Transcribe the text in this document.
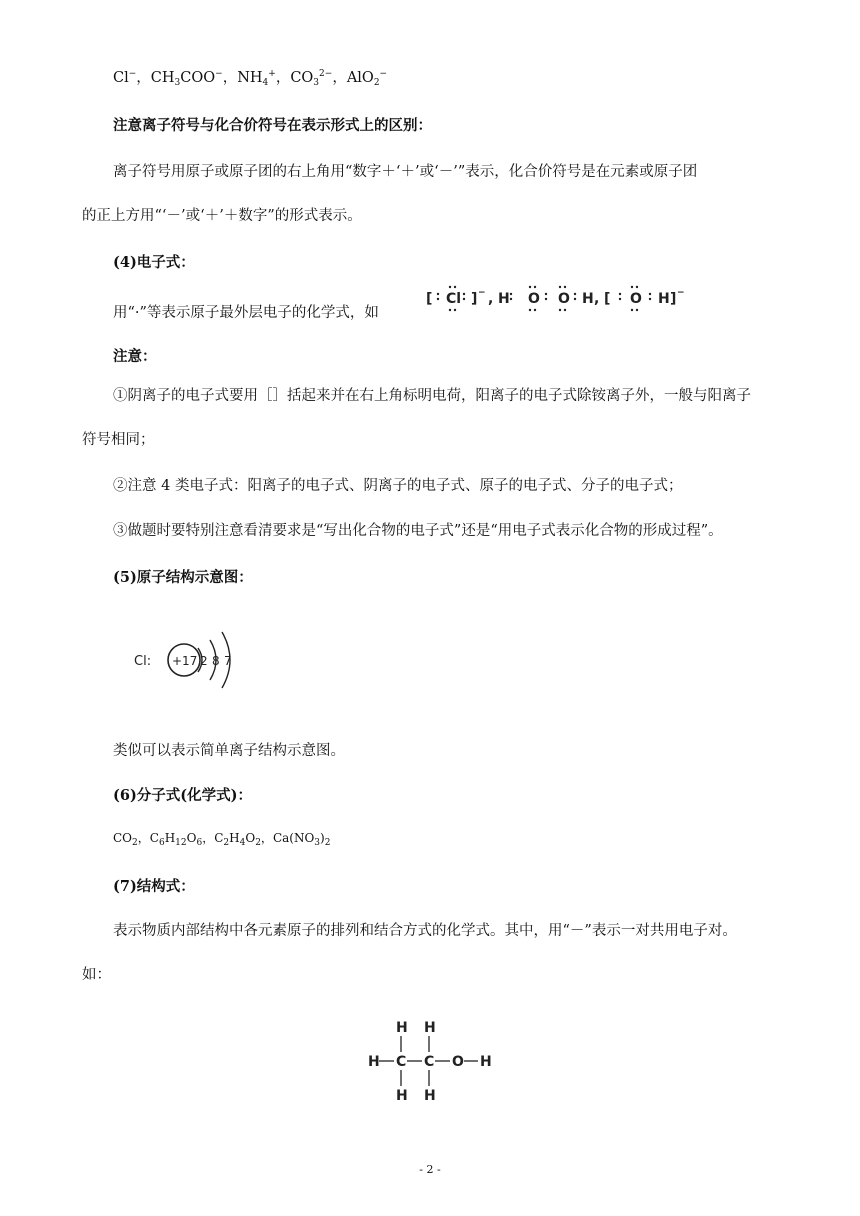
Cl−，$CH_3COO^-$，$NH_4^+$，$CO_3^{2-}$，AlO$_2$−
注意离子符号与化合价符号在表示形式上的区别：
离子符号用原子或原子团的右上角用“数字＋‘＋’或‘－’”表示，化合价符号是在元素或原子团
的正上方用“‘－’或‘＋’＋数字”的形式表示。
(4)电子式：
用“·”等表示原子最外层电子的化学式，如
[ Cl ] − , H O O H , [ O H ] −
注意：
①阴离子的电子式要用［］括起来并在右上角标明电荷，阳离子的电子式除铵离子外，一般与阳离子
符号相同；
②注意 4 类电子式：阳离子的电子式、阴离子的电子式、原子的电子式、分子的电子式；
③做题时要特别注意看清要求是“写出化合物的电子式”还是“用电子式表示化合物的形成过程”。
(5)原子结构示意图：
Cl: +17 2 8 7
类似可以表示简单离子结构示意图。
(6)分子式(化学式)：
$CO_2$，$C_6H_{12}O_6$，$C_2H_4O_2$，$Ca(NO_3)_2$
(7)结构式：
表示物质内部结构中各元素原子的排列和结合方式的化学式。其中，用“－”表示一对共用电子对。
如：
H H
H C C O H
H H
- 2 -
